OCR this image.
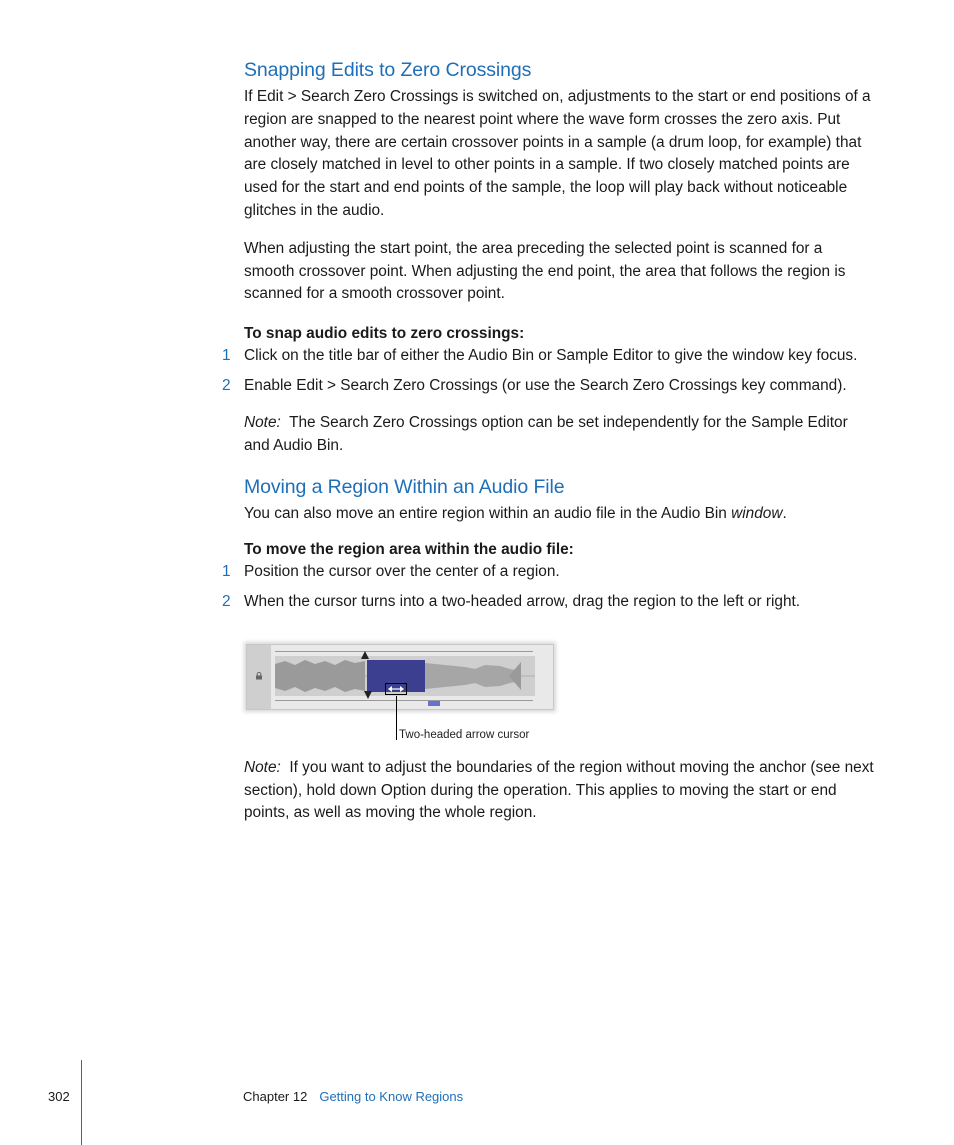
Snapping Edits to Zero Crossings

If Edit > Search Zero Crossings is switched on, adjustments to the start or end positions of a region are snapped to the nearest point where the wave form crosses the zero axis. Put another way, there are certain crossover points in a sample (a drum loop, for example) that are closely matched in level to other points in a sample. If two closely matched points are used for the start and end points of the sample, the loop will play back without noticeable glitches in the audio.

When adjusting the start point, the area preceding the selected point is scanned for a smooth crossover point. When adjusting the end point, the area that follows the region is scanned for a smooth crossover point.

To snap audio edits to zero crossings:

1 Click on the title bar of either the Audio Bin or Sample Editor to give the window key focus.
2 Enable Edit > Search Zero Crossings (or use the Search Zero Crossings key command).

Note: The Search Zero Crossings option can be set independently for the Sample Editor and Audio Bin.

Moving a Region Within an Audio File

You can also move an entire region within an audio file in the Audio Bin window.

To move the region area within the audio file:

1 Position the cursor over the center of a region.
2 When the cursor turns into a two-headed arrow, drag the region to the left or right.
Two-headed arrow cursor

Note: If you want to adjust the boundaries of the region without moving the anchor (see next section), hold down Option during the operation. This applies to moving the start or end points, as well as moving the whole region.

302	Chapter 12 Getting to Know Regions
